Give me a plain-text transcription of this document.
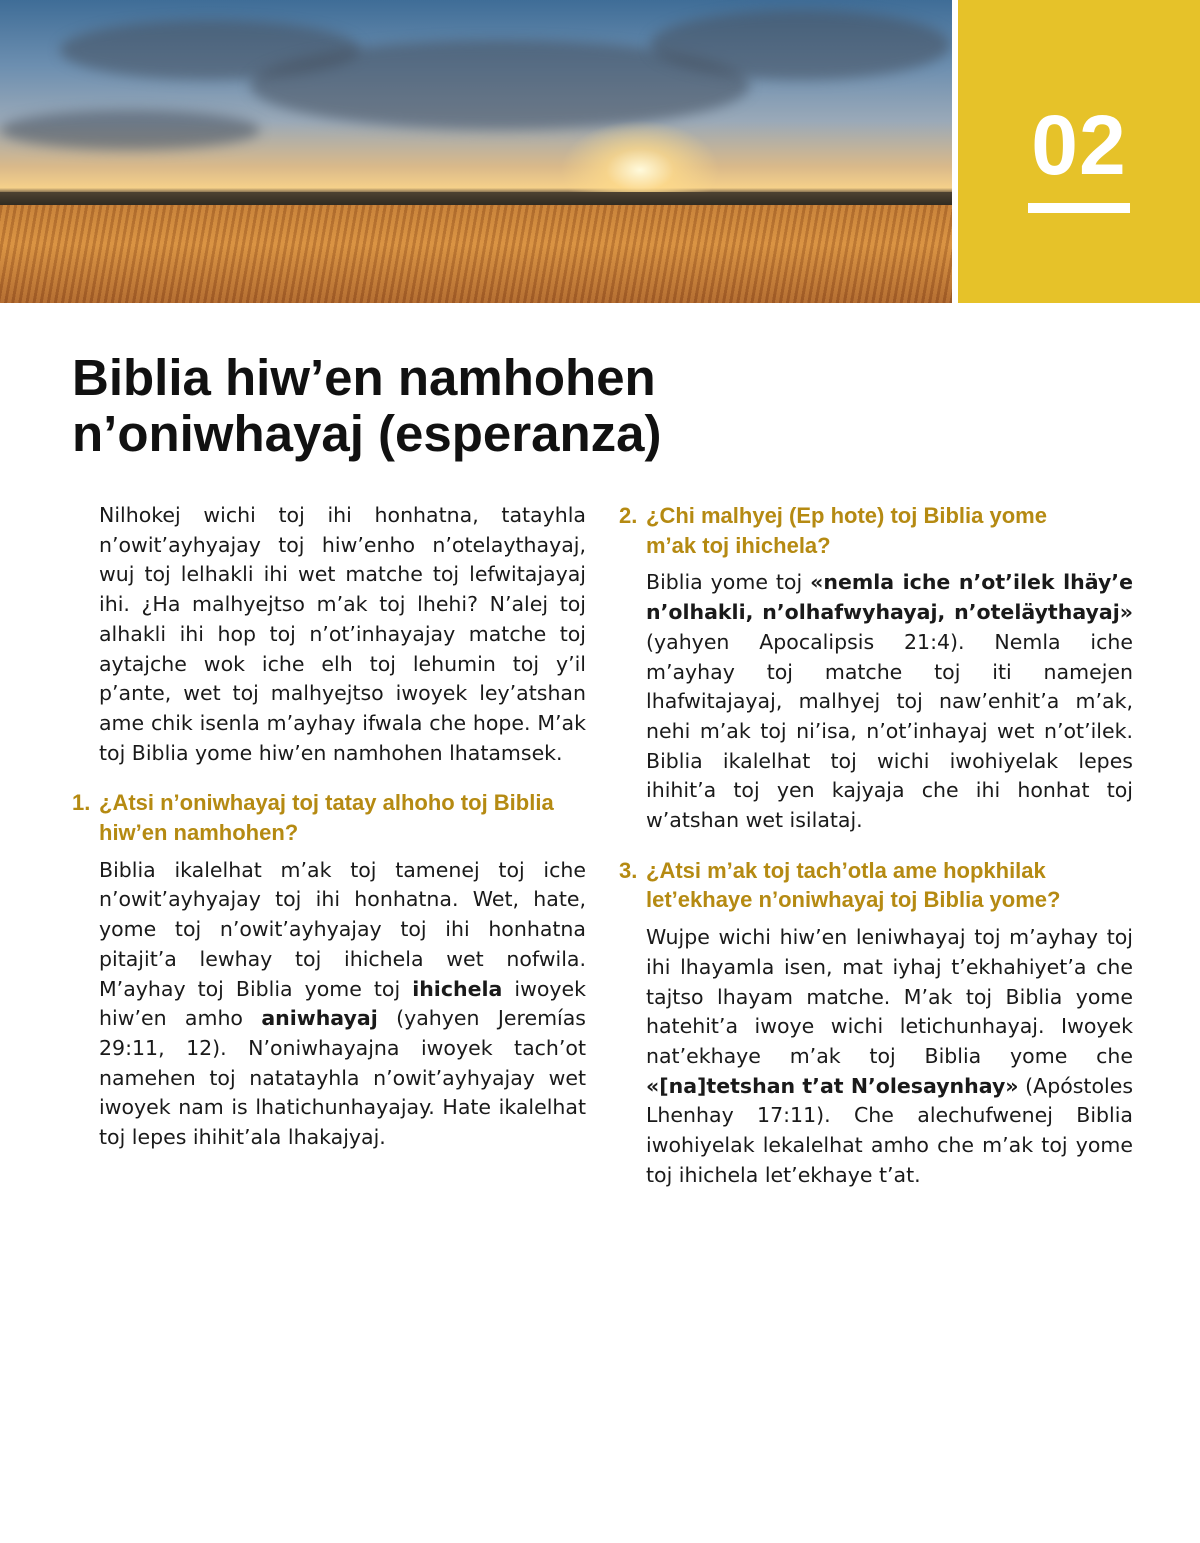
02
Biblia hiw’en namhohen
n’oniwhayaj (esperanza)

Nilhokej wichi toj ihi honhatna, tatayhla n’owit’ayhyajay toj hiw’enho n’otelaythayaj, wuj toj lelhakli ihi wet matche toj lefwitajayaj ihi. ¿Ha malhyejtso m’ak toj lhehi? N’alej toj alhakli ihi hop toj n’ot’inhayajay matche toj aytajche wok iche elh toj lehumin toj y’il p’ante, wet toj malhyejtso iwoyek ley’atshan ame chik isenla m’ayhay ifwala che hope. M’ak toj Biblia yome hiw’en namhohen lhatamsek.

1. ¿Atsi n’oniwhayaj toj tatay alhoho toj Biblia hiw’en namhohen?

Biblia ikalelhat m’ak toj tamenej toj iche n’owit’ayhyajay toj ihi honhatna. Wet, hate, yome toj n’owit’ayhyajay toj ihi honhatna pitajit’a lewhay toj ihichela wet nofwila. M’ayhay toj Biblia yome toj ihichela iwoyek hiw’en amho aniwhayaj (yahyen Jeremías 29:11, 12). N’oniwhayajna iwoyek tach’ot namehen toj natatayhla n’owit’ayhyajay wet iwoyek nam is lhatichunhayajay. Hate ikalelhat toj lepes ihihit’ala lhakajyaj.

2. ¿Chi malhyej (Ep hote) toj Biblia yome m’ak toj ihichela?

Biblia yome toj «nemla iche n’ot’ilek lhäy’e n’olhakli, n’olhafwyhayaj, n’oteläythayaj» (yahyen Apocalipsis 21:4). Nemla iche m’ayhay toj matche toj iti namejen lhafwitajayaj, malhyej toj naw’enhit’a m’ak, nehi m’ak toj ni’isa, n’ot’inhayaj wet n’ot’ilek. Biblia ikalelhat toj wichi iwohiyelak lepes ihihit’a toj yen kajyaja che ihi honhat toj w’atshan wet isilataj.

3. ¿Atsi m’ak toj tach’otla ame hopkhilak let’ekhaye n’oniwhayaj toj Biblia yome?

Wujpe wichi hiw’en leniwhayaj toj m’ayhay toj ihi lhayamla isen, mat iyhaj t’ekhahiyet’a che tajtso lhayam matche. M’ak toj Biblia yome hatehit’a iwoye wichi letichunhayaj. Iwoyek nat’ekhaye m’ak toj Biblia yome che «[na]tetshan t’at N’olesaynhay» (Apóstoles Lhenhay 17:11). Che alechufwenej Biblia iwohiyelak lekalelhat amho che m’ak toj yome toj ihichela let’ekhaye t’at.
